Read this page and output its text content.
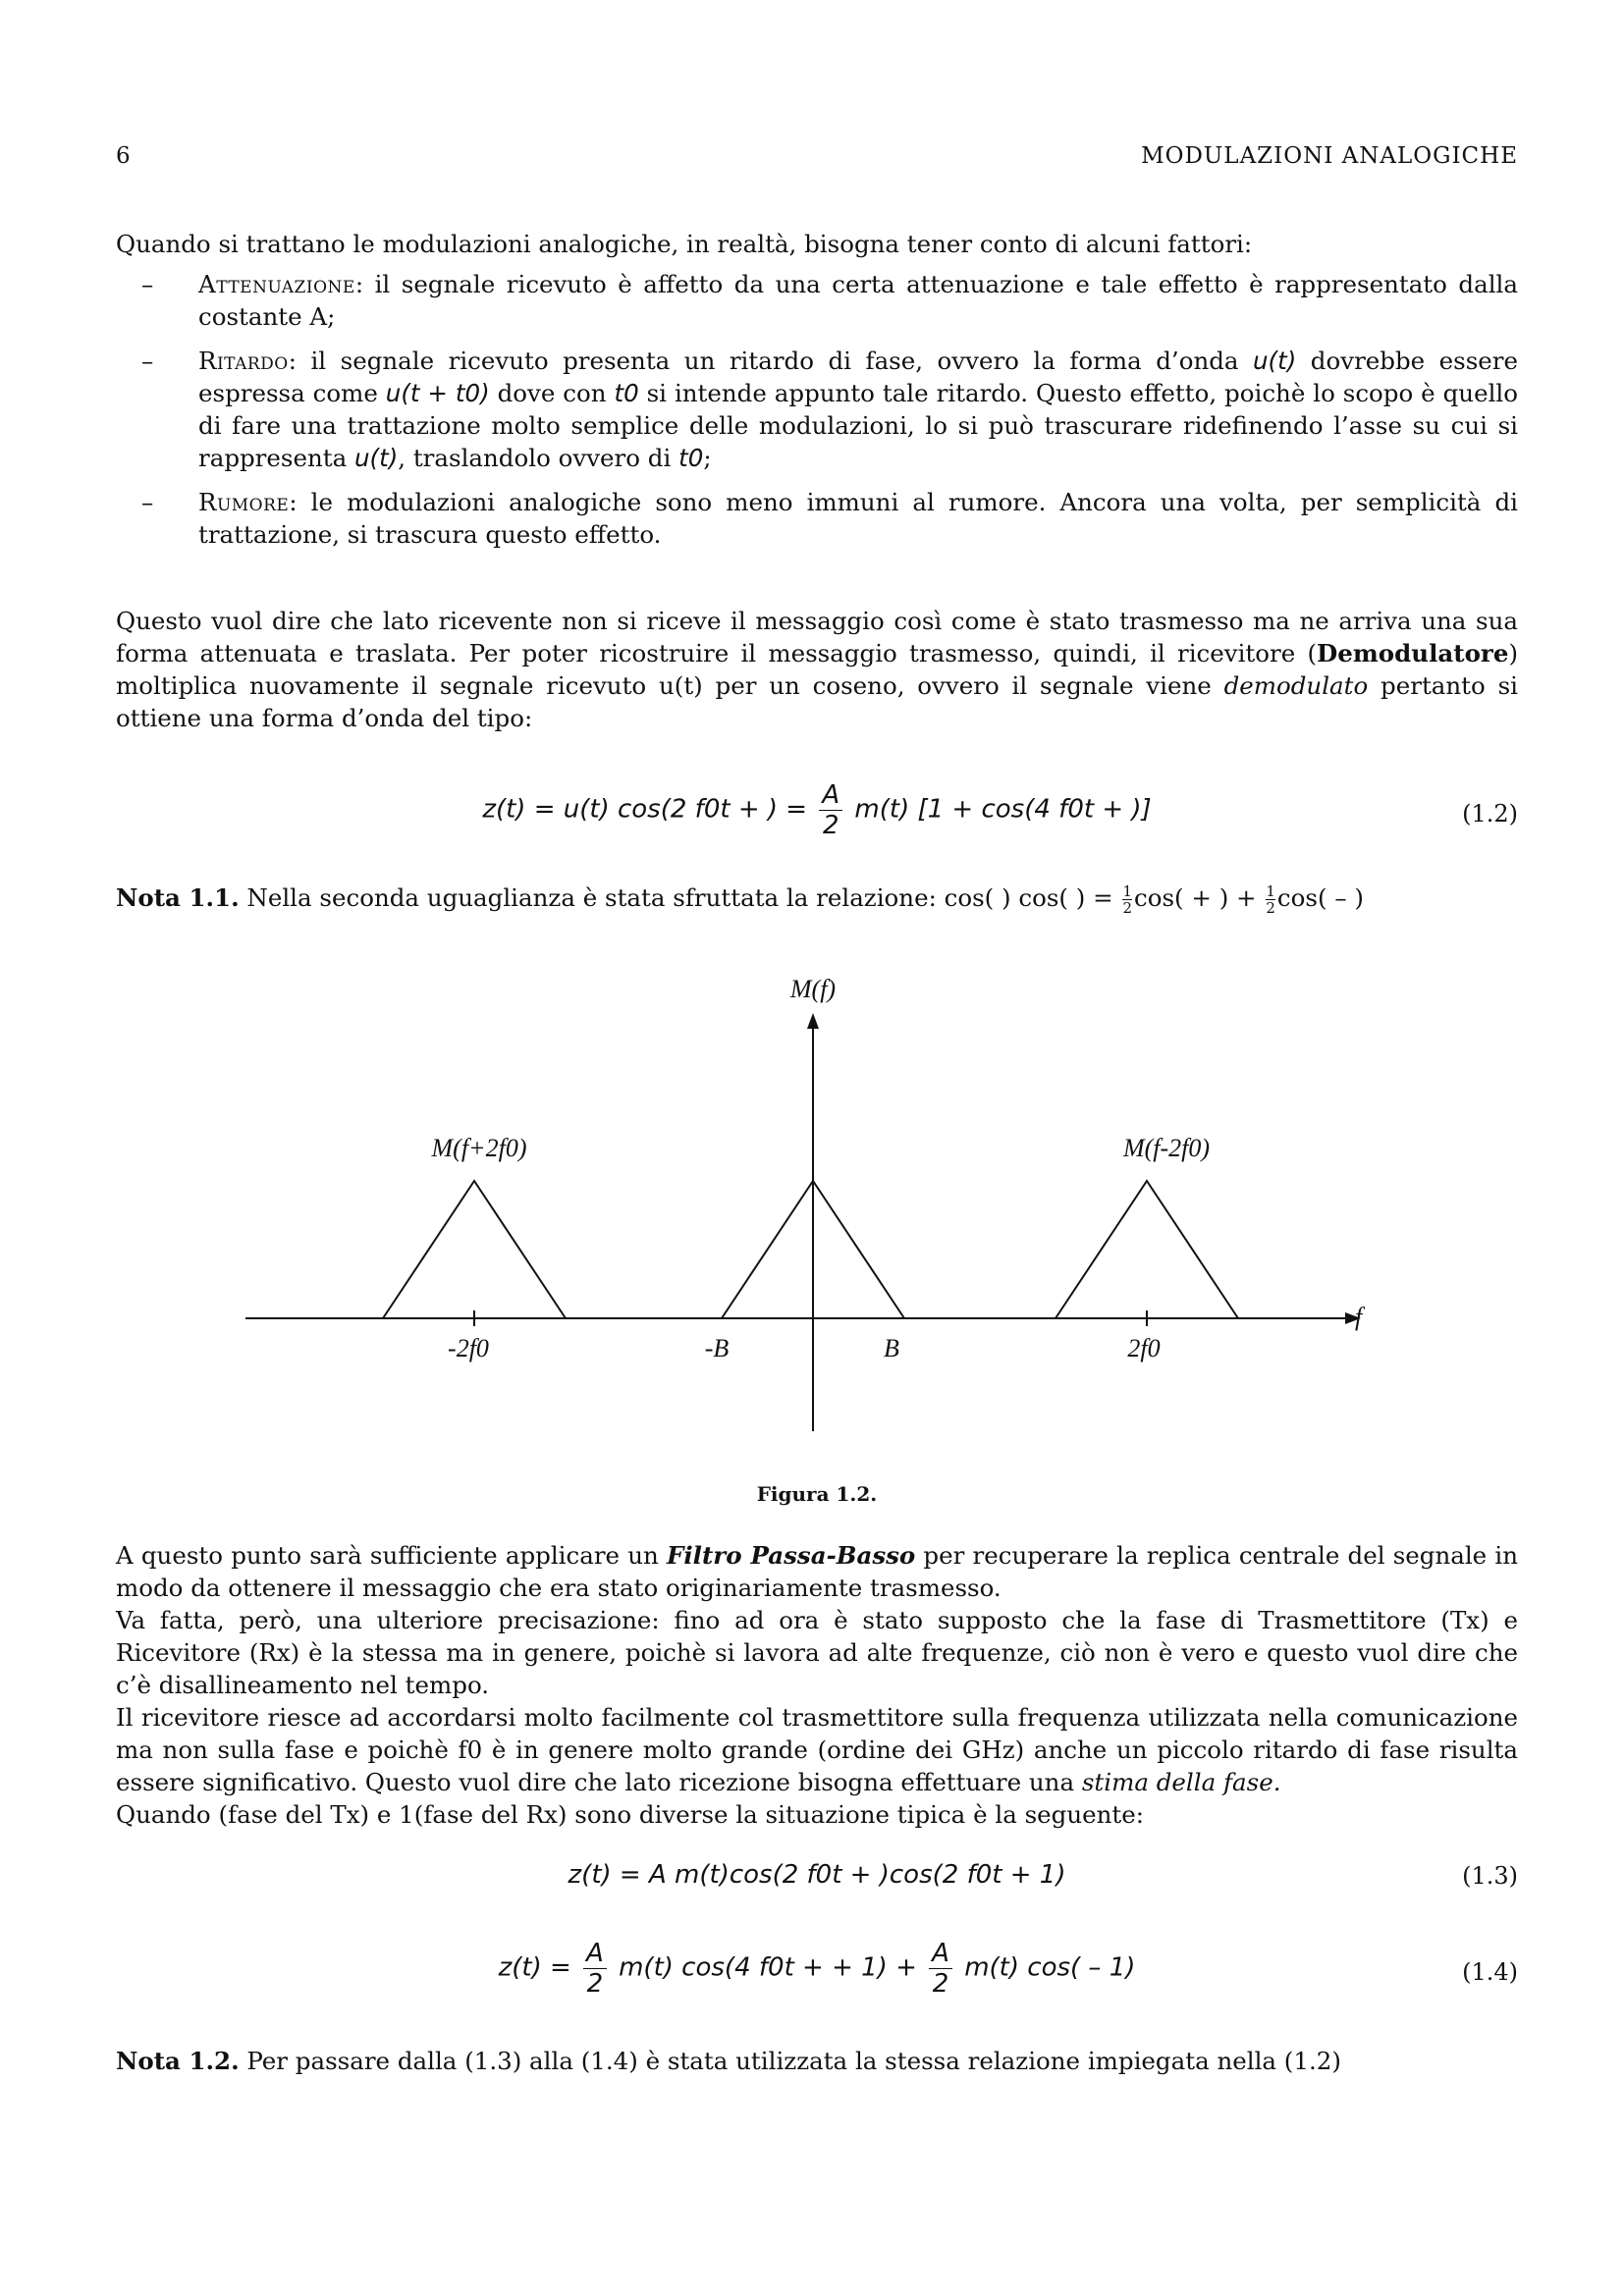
6	MODULAZIONI ANALOGICHE
Quando si trattano le modulazioni analogiche, in realtà, bisogna tener conto di alcuni fattori:
– Attenuazione: il segnale ricevuto è affetto da una certa attenuazione e tale effetto è rappresentato dalla costante A;
– Ritardo: il segnale ricevuto presenta un ritardo di fase, ovvero la forma d’onda u(t) dovrebbe essere espressa come u(t + t0) dove con t0 si intende appunto tale ritardo. Questo effetto, poichè lo scopo è quello di fare una trattazione molto semplice delle modulazioni, lo si può trascurare ridefinendo l’asse su cui si rappresenta u(t), traslandolo ovvero di t0;
– Rumore: le modulazioni analogiche sono meno immuni al rumore. Ancora una volta, per semplicità di trattazione, si trascura questo effetto.
Questo vuol dire che lato ricevente non si riceve il messaggio così come è stato trasmesso ma ne arriva una sua forma attenuata e traslata. Per poter ricostruire il messaggio trasmesso, quindi, il ricevitore (Demodulatore) moltiplica nuovamente il segnale ricevuto u(t) per un coseno, ovvero il segnale viene demodulato pertanto si ottiene una forma d’onda del tipo:
z(t) = u(t) cos(2 f0t + ) = $\frac{A}{2} m(t) [1 + \cos(4$ f0t + )]	(1.2)
Nota 1.1. Nella seconda uguaglianza è stata sfruttata la relazione: cos( ) cos( ) = $\frac{1}{2}\cos$( + ) + $\frac{1}{2}\cos$( – )
M(f)
f
M(f+2f0)	M(f-2f0)
-2f0	-B	B	2f0
Figura 1.2.
A questo punto sarà sufficiente applicare un Filtro Passa-Basso per recuperare la replica centrale del segnale in modo da ottenere il messaggio che era stato originariamente trasmesso.
Va fatta, però, una ulteriore precisazione: fino ad ora è stato supposto che la fase di Trasmettitore (Tx) e Ricevitore (Rx) è la stessa ma in genere, poichè si lavora ad alte frequenze, ciò non è vero e questo vuol dire che c’è disallineamento nel tempo.
Il ricevitore riesce ad accordarsi molto facilmente col trasmettitore sulla frequenza utilizzata nella comunicazione ma non sulla fase e poichè f0 è in genere molto grande (ordine dei GHz) anche un piccolo ritardo di fase risulta essere significativo. Questo vuol dire che lato ricezione bisogna effettuare una stima della fase.
Quando (fase del Tx) e 1(fase del Rx) sono diverse la situazione tipica è la seguente:
z(t) = A m(t)cos(2 f0t + )cos(2 f0t + 1)	(1.3)
$z(t) = \frac{A}{2} m(t)$ cos(4 f0t + + $1) + \frac{A}{2} m(t)$ cos( – 1)	(1.4)
Nota 1.2. Per passare dalla (1.3) alla (1.4) è stata utilizzata la stessa relazione impiegata nella (1.2)
